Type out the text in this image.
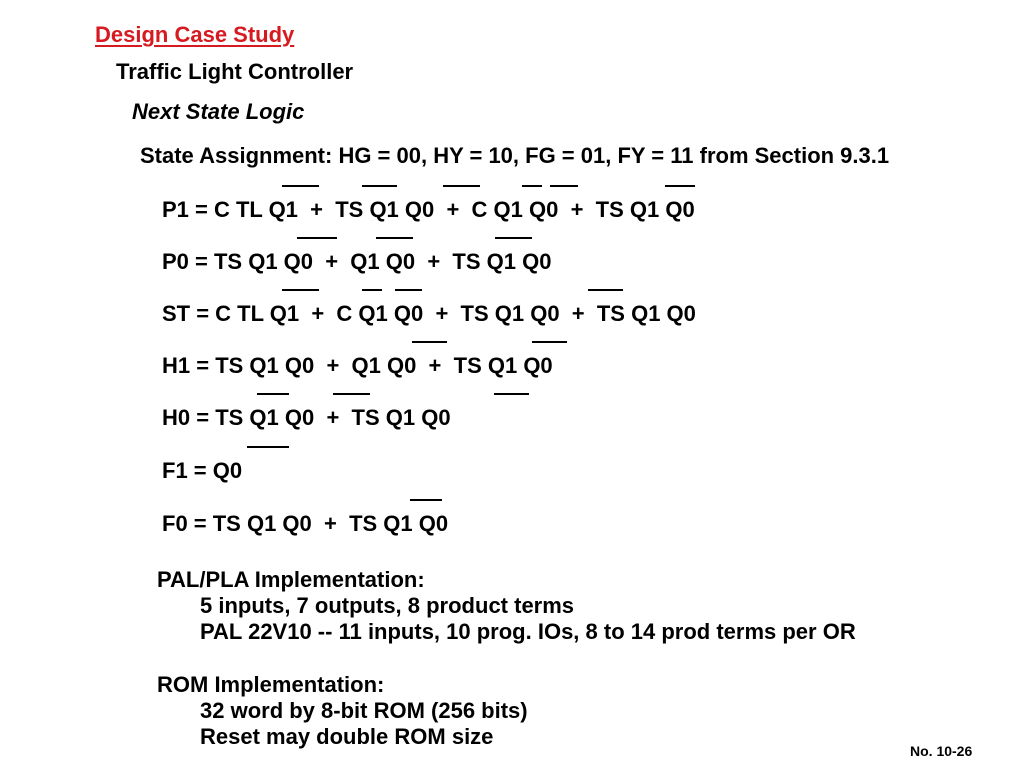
Design Case Study
Traffic Light Controller
Next State Logic
State Assignment: HG = 00, HY = 10, FG = 01, FY = 11 from Section 9.3.1
P1 = C TL Q1  +  TS Q1 Q0  +  C Q1 Q0  +  TS Q1 Q0
P0 = TS Q1 Q0  +  Q1 Q0  +  TS Q1 Q0
ST = C TL Q1  +  C Q1 Q0  +  TS Q1 Q0  +  TS Q1 Q0
H1 = TS Q1 Q0  +  Q1 Q0  +  TS Q1 Q0
H0 = TS Q1 Q0  +  TS Q1 Q0
F1 = Q0
F0 = TS Q1 Q0  +  TS Q1 Q0
PAL/PLA Implementation:
5 inputs, 7 outputs, 8 product terms
PAL 22V10 -- 11 inputs, 10 prog. IOs, 8 to 14 prod terms per OR
ROM Implementation:
32 word by 8-bit ROM (256 bits)
Reset may double ROM size
No. 10-26
